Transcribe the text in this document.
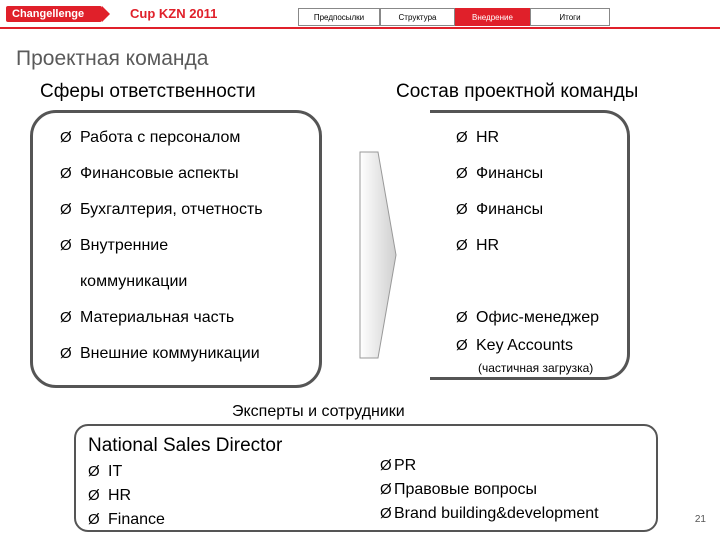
Changellenge	Cup KZN 2011	Предпосылки	Структура	Внедрение	Итоги
Проектная команда
Сферы ответственности	Состав проектной команды
Ø Работа с персоналом
Ø Финансовые аспекты
Ø Бухгалтерия, отчетность
Ø Внутренние
коммуникации
Ø Материальная часть
Ø Внешние коммуникации
Ø HR
Ø Финансы
Ø Финансы
Ø HR
Ø Офис-менеджер
Ø Key Accounts
(частичная загрузка)
Эксперты и сотрудники
National Sales Director
Ø IT
Ø HR
Ø Finance
Ø PR
Ø Правовые вопросы
Ø Brand building&development	21
